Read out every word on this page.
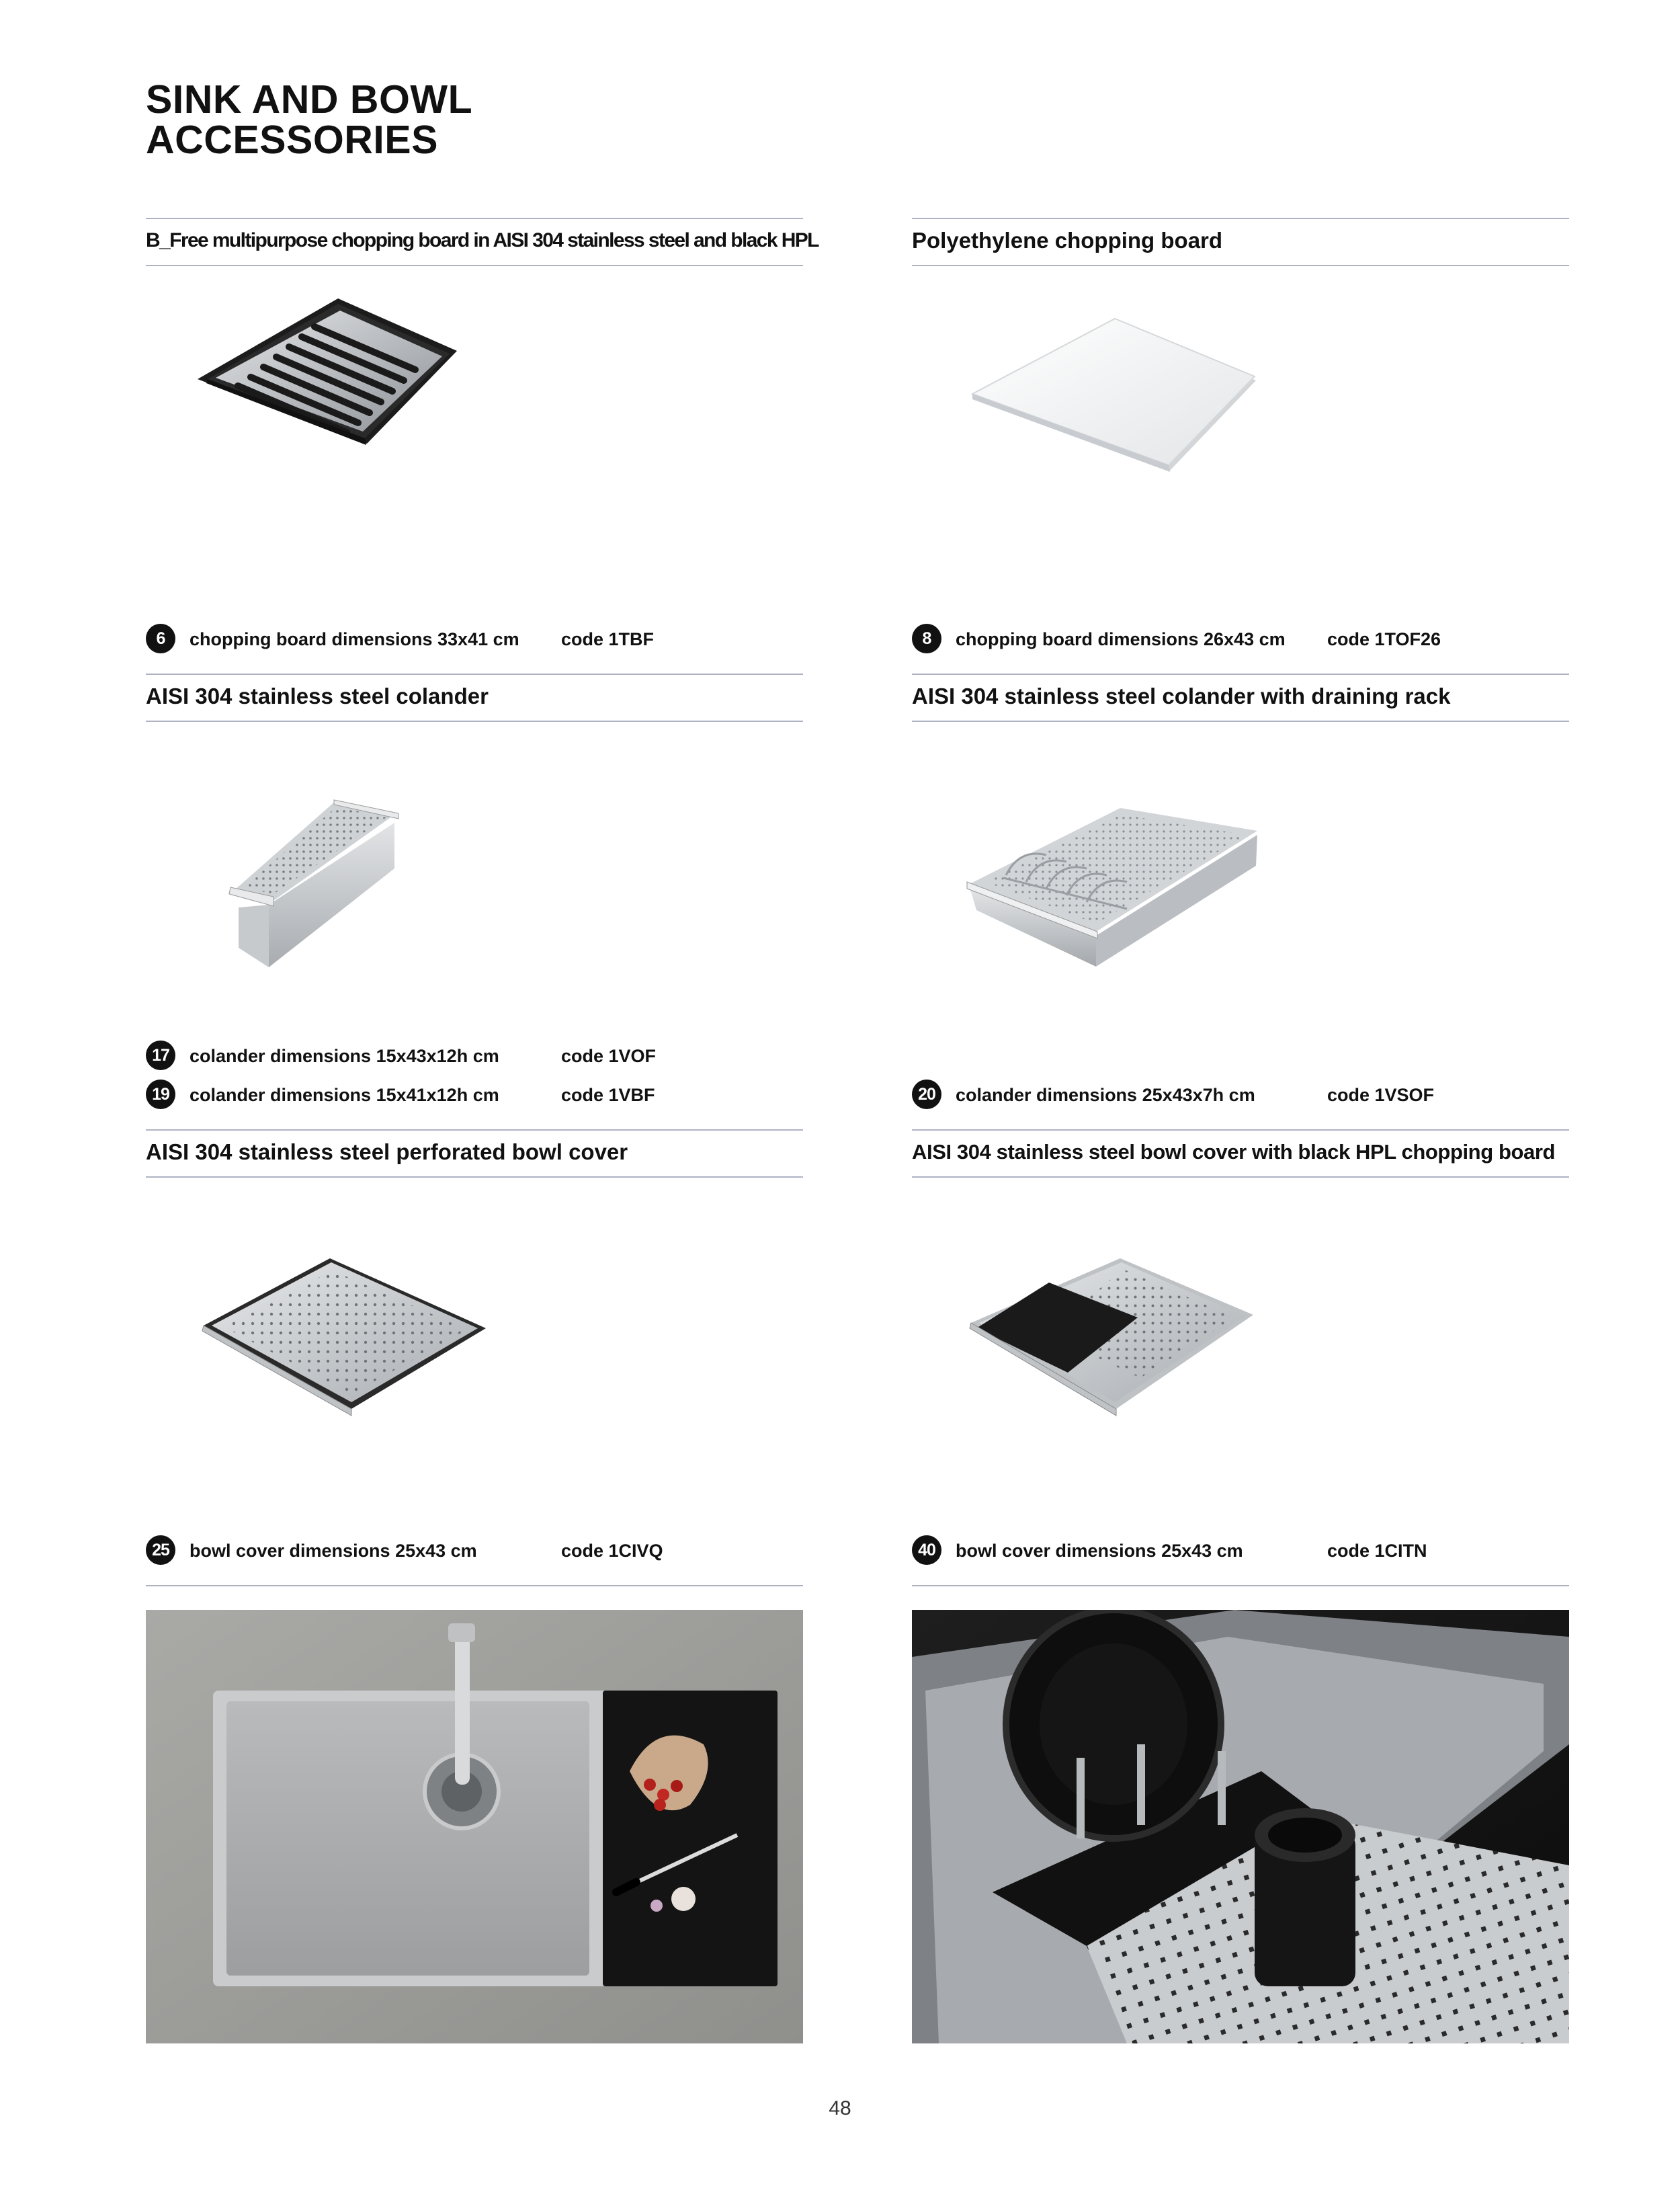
SINK AND BOWL
ACCESSORIES
B_Free multipurpose chopping board in AISI 304 stainless steel and black HPL
6	chopping board dimensions 33x41 cm code 1TBF
Polyethylene chopping board
8	chopping board dimensions 26x43 cm code 1TOF26
AISI 304 stainless steel colander
17	colander dimensions 15x43x12h cm	code 1VOF
19	colander dimensions 15x41x12h cm	code 1VBF
AISI 304 stainless steel colander with draining rack
20	colander dimensions 25x43x7h cm	code 1VSOF
AISI 304 stainless steel perforated bowl cover
25	bowl cover dimensions 25x43 cm	code 1CIVQ
AISI 304 stainless steel bowl cover with black HPL chopping board
40	bowl cover dimensions 25x43 cm	code 1CITN
48
